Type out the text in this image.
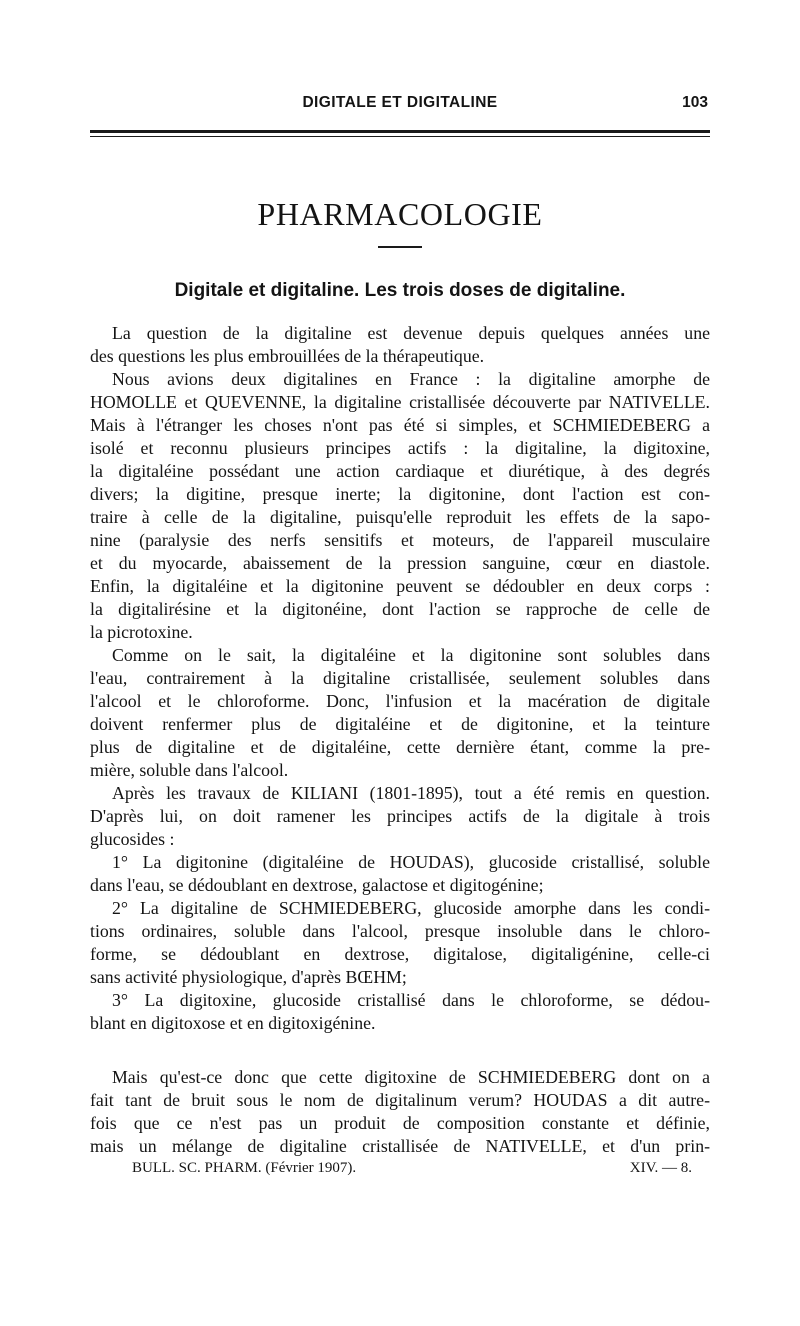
DIGITALE ET DIGITALINE	103
PHARMACOLOGIE
Digitale et digitaline. Les trois doses de digitaline.
La question de la digitaline est devenue depuis quelques années une
des questions les plus embrouillées de la thérapeutique.
Nous avions deux digitalines en France : la digitaline amorphe de
HOMOLLE et QUEVENNE, la digitaline cristallisée découverte par NATIVELLE.
Mais à l'étranger les choses n'ont pas été si simples, et SCHMIEDEBERG a
isolé et reconnu plusieurs principes actifs : la digitaline, la digitoxine,
la digitaléine possédant une action cardiaque et diurétique, à des degrés
divers; la digitine, presque inerte; la digitonine, dont l'action est con-
traire à celle de la digitaline, puisqu'elle reproduit les effets de la sapo-
nine (paralysie des nerfs sensitifs et moteurs, de l'appareil musculaire
et du myocarde, abaissement de la pression sanguine, cœur en diastole.
Enfin, la digitaléine et la digitonine peuvent se dédoubler en deux corps :
la digitalirésine et la digitonéine, dont l'action se rapproche de celle de
la picrotoxine.
Comme on le sait, la digitaléine et la digitonine sont solubles dans
l'eau, contrairement à la digitaline cristallisée, seulement solubles dans
l'alcool et le chloroforme. Donc, l'infusion et la macération de digitale
doivent renfermer plus de digitaléine et de digitonine, et la teinture
plus de digitaline et de digitaléine, cette dernière étant, comme la pre-
mière, soluble dans l'alcool.
Après les travaux de KILIANI (1801-1895), tout a été remis en question.
D'après lui, on doit ramener les principes actifs de la digitale à trois
glucosides :
1° La digitonine (digitaléine de HOUDAS), glucoside cristallisé, soluble
dans l'eau, se dédoublant en dextrose, galactose et digitogénine;
2° La digitaline de SCHMIEDEBERG, glucoside amorphe dans les condi-
tions ordinaires, soluble dans l'alcool, presque insoluble dans le chloro-
forme, se dédoublant en dextrose, digitalose, digitaligénine, celle-ci
sans activité physiologique, d'après BŒHM;
3° La digitoxine, glucoside cristallisé dans le chloroforme, se dédou-
blant en digitoxose et en digitoxigénine.
Mais qu'est-ce donc que cette digitoxine de SCHMIEDEBERG dont on a
fait tant de bruit sous le nom de digitalinum verum? HOUDAS a dit autre-
fois que ce n'est pas un produit de composition constante et définie,
mais un mélange de digitaline cristallisée de NATIVELLE, et d'un prin-
BULL. SC. PHARM. (Février 1907).	XIV. — 8.
